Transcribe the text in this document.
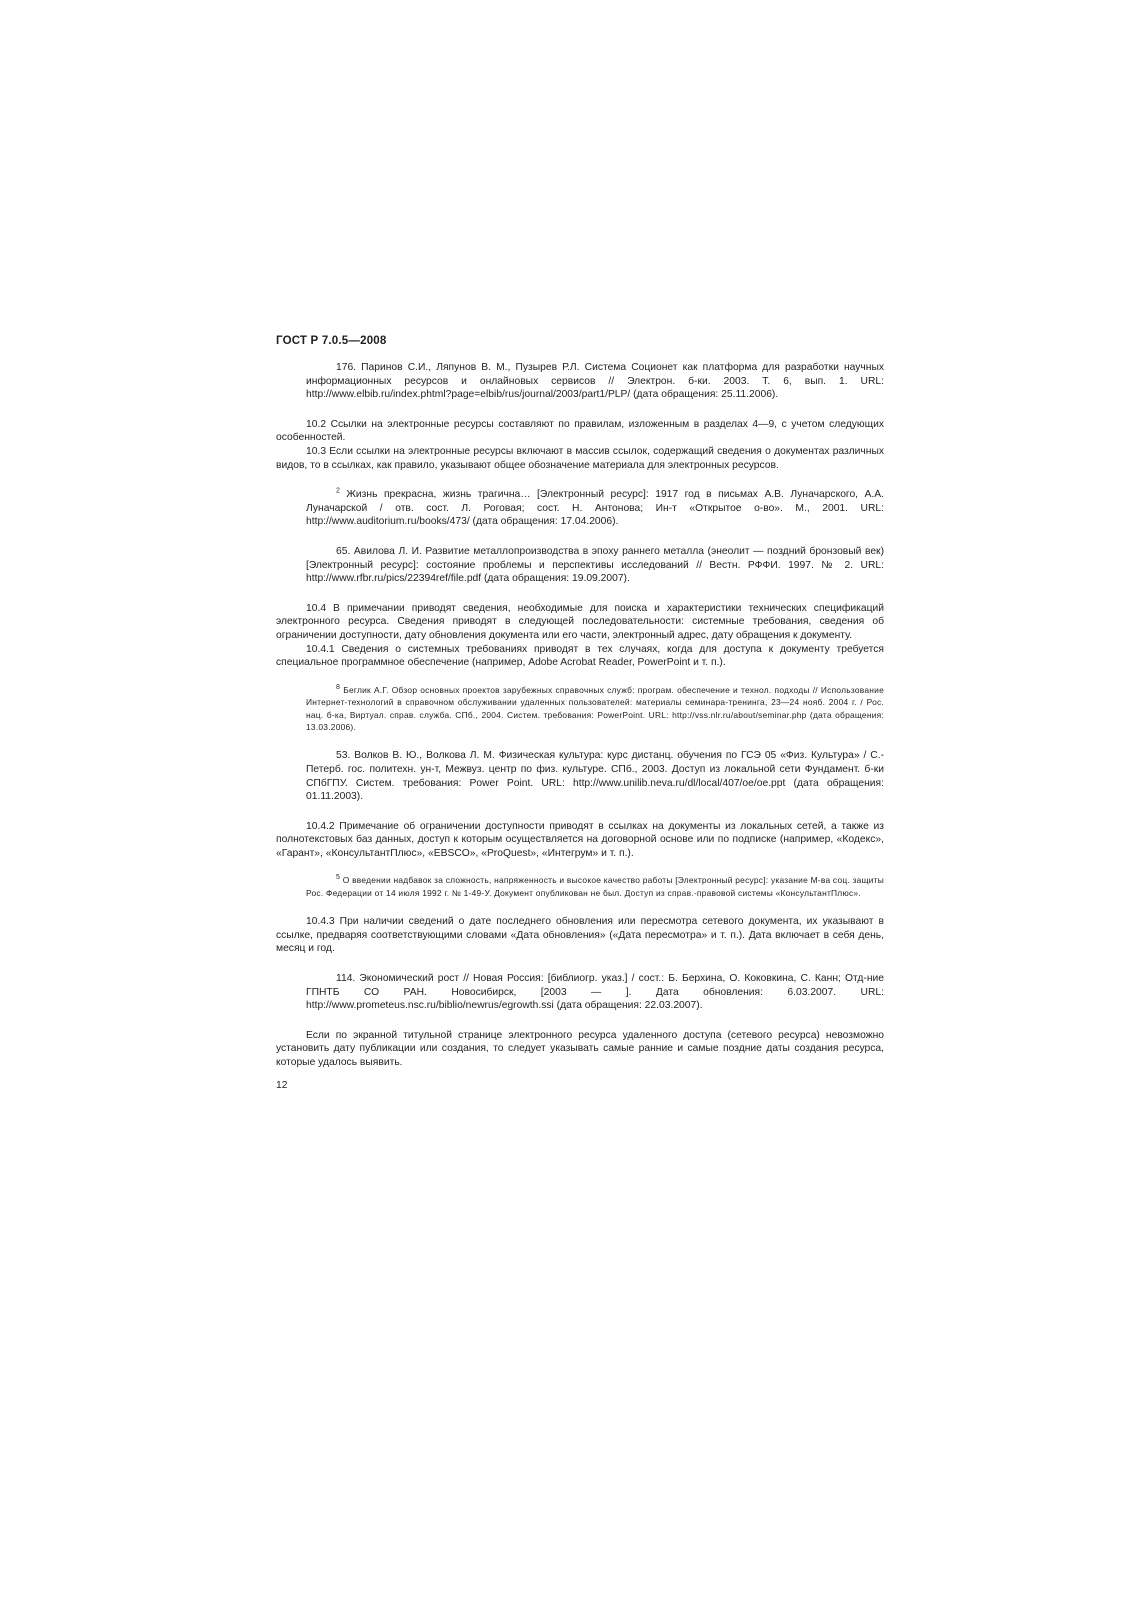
ГОСТ Р 7.0.5—2008

176. Паринов С.И., Ляпунов В. М., Пузырев Р.Л. Система Соционет как платформа для разработки научных информационных ресурсов и онлайновых сервисов // Электрон. б-ки. 2003. Т. 6, вып. 1. URL: http://www.elbib.ru/index.phtml?page=elbib/rus/journal/2003/part1/PLP/ (дата обращения: 25.11.2006).

10.2 Ссылки на электронные ресурсы составляют по правилам, изложенным в разделах 4—9, с учетом следующих особенностей.

10.3 Если ссылки на электронные ресурсы включают в массив ссылок, содержащий сведения о документах различных видов, то в ссылках, как правило, указывают общее обозначение материала для электронных ресурсов.

$^2$ Жизнь прекрасна, жизнь трагична… [Электронный ресурс]: 1917 год в письмах А.В. Луначарского, А.А. Луначарской / отв. сост. Л. Роговая; сост. Н. Антонова; Ин-т «Открытое о-во». М., 2001. URL: http://www.auditorium.ru/books/473/ (дата обращения: 17.04.2006).

65. Авилова Л. И. Развитие металлопроизводства в эпоху раннего металла (энеолит — поздний бронзовый век) [Электронный ресурс]: состояние проблемы и перспективы исследований // Вестн. РФФИ. 1997. № 2. URL: http://www.rfbr.ru/pics/22394ref/file.pdf (дата обращения: 19.09.2007).

10.4 В примечании приводят сведения, необходимые для поиска и характеристики технических спецификаций электронного ресурса. Сведения приводят в следующей последовательности: системные требования, сведения об ограничении доступности, дату обновления документа или его части, электронный адрес, дату обращения к документу.

10.4.1 Сведения о системных требованиях приводят в тех случаях, когда для доступа к документу требуется специальное программное обеспечение (например, Adobe Acrobat Reader, PowerPoint и т. п.).

$^8$ Беглик А.Г. Обзор основных проектов зарубежных справочных служб: програм. обеспечение и технол. подходы // Использование Интернет-технологий в справочном обслуживании удаленных пользователей: материалы семинара-тренинга, 23—24 нояб. 2004 г. / Рос. нац. б-ка, Виртуал. справ. служба. СПб., 2004. Систем. требования: PowerPoint. URL: http://vss.nlr.ru/about/seminar.php (дата обращения: 13.03.2006).

53. Волков В. Ю., Волкова Л. М. Физическая культура: курс дистанц. обучения по ГСЭ 05 «Физ. Культура» / С.-Петерб. гос. политехн. ун-т, Межвуз. центр по физ. культуре. СПб., 2003. Доступ из локальной сети Фундамент. б-ки СПбГПУ. Систем. требования: Power Point. URL: http://www.unilib.neva.ru/dl/local/407/oe/oe.ppt (дата обращения: 01.11.2003).

10.4.2 Примечание об ограничении доступности приводят в ссылках на документы из локальных сетей, а также из полнотекстовых баз данных, доступ к которым осуществляется на договорной основе или по подписке (например, «Кодекс», «Гарант», «КонсультантПлюс», «EBSCO», «ProQuest», «Интегрум» и т. п.).

$^5$ О введении надбавок за сложность, напряженность и высокое качество работы [Электронный ресурс]: указание М-ва соц. защиты Рос. Федерации от 14 июля 1992 г. № 1-49-У. Документ опубликован не был. Доступ из справ.-правовой системы «КонсультантПлюс».

10.4.3 При наличии сведений о дате последнего обновления или пересмотра сетевого документа, их указывают в ссылке, предваряя соответствующими словами «Дата обновления» («Дата пересмотра» и т. п.). Дата включает в себя день, месяц и год.

114. Экономический рост // Новая Россия: [библиогр. указ.] / сост.: Б. Берхина, О. Коковкина, С. Канн; Отд-ние ГПНТБ СО РАН. Новосибирск, [2003 — ]. Дата обновления: 6.03.2007. URL: http://www.prometeus.nsc.ru/biblio/newrus/egrowth.ssi (дата обращения: 22.03.2007).

Если по экранной титульной странице электронного ресурса удаленного доступа (сетевого ресурса) невозможно установить дату публикации или создания, то следует указывать самые ранние и самые поздние даты создания ресурса, которые удалось выявить.

12
